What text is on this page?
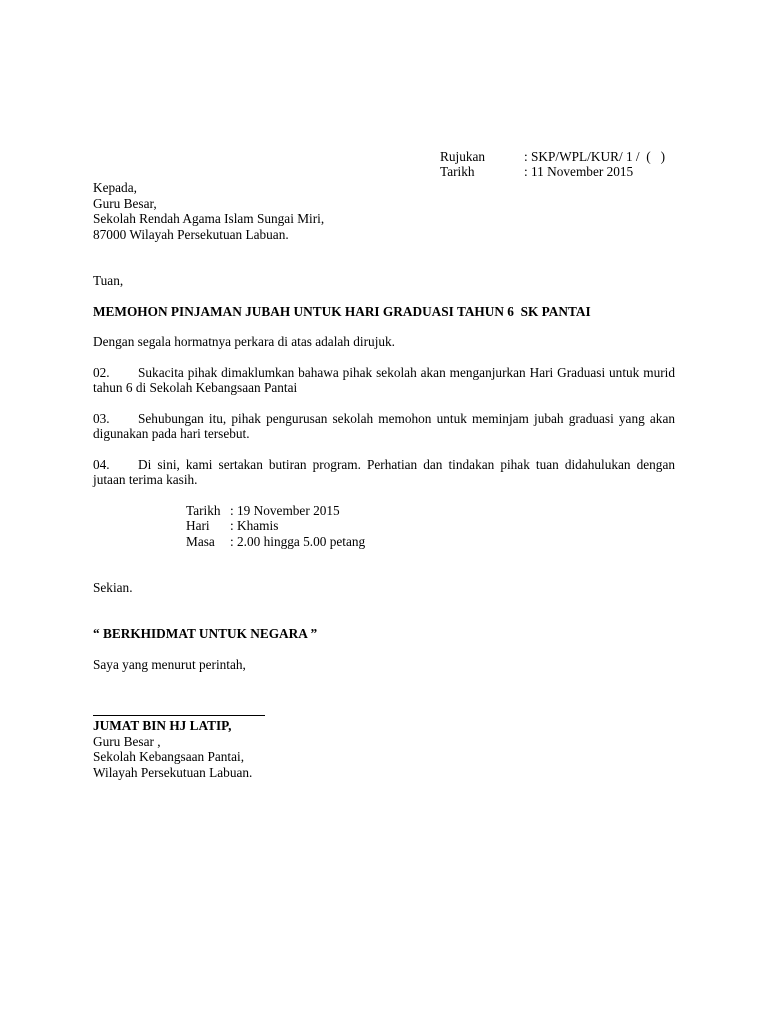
Rujukan	: SKP/WPL/KUR/ 1 /  (   )
Tarikh	: 11 November 2015
Kepada,
Guru Besar,
Sekolah Rendah Agama Islam Sungai Miri,
87000 Wilayah Persekutuan Labuan.
Tuan,
MEMOHON PINJAMAN JUBAH UNTUK HARI GRADUASI TAHUN 6  SK PANTAI
Dengan segala hormatnya perkara di atas adalah dirujuk.
02. Sukacita pihak dimaklumkan bahawa pihak sekolah akan menganjurkan Hari Graduasi untuk murid tahun 6 di Sekolah Kebangsaan Pantai
03. Sehubungan itu, pihak pengurusan sekolah memohon untuk meminjam jubah graduasi yang akan digunakan pada hari tersebut.
04. Di sini, kami sertakan butiran program. Perhatian dan tindakan pihak tuan didahulukan dengan jutaan terima kasih.
Tarikh : 19 November 2015
Hari : Khamis
Masa : 2.00 hingga 5.00 petang
Sekian.
“ BERKHIDMAT UNTUK NEGARA ”
Saya yang menurut perintah,
JUMAT BIN HJ LATIP,
Guru Besar ,
Sekolah Kebangsaan Pantai,
Wilayah Persekutuan Labuan.
